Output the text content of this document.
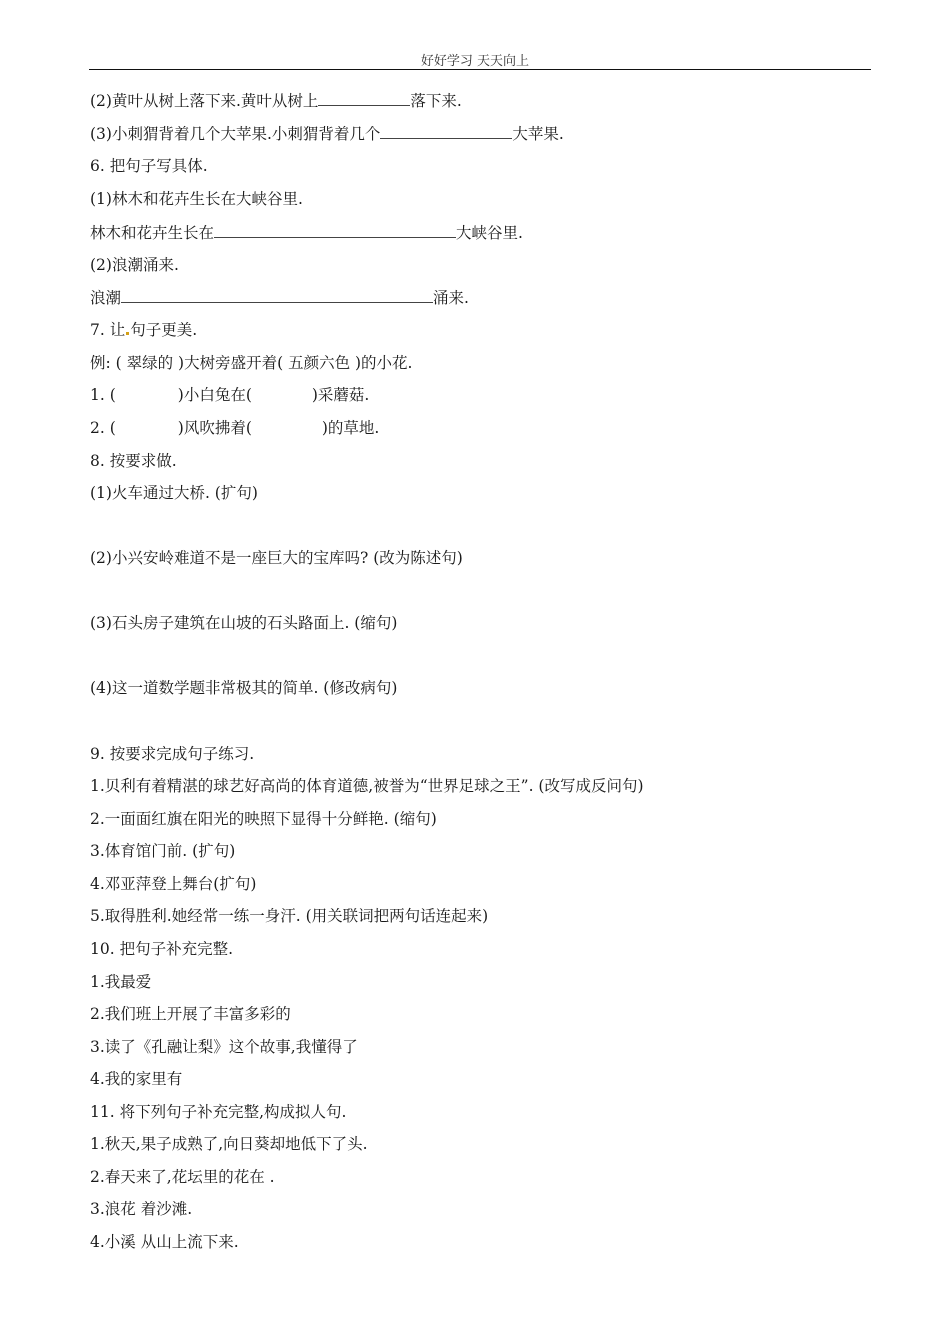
好好学习 天天向上
(2)黄叶从树上落下来.黄叶从树上	落下来.
(3)小刺猬背着几个大苹果.小刺猬背着几个	大苹果.
6. 把句子写具体.
(1)林木和花卉生长在大峡谷里.
林木和花卉生长在	大峡谷里.
(2)浪潮涌来.
浪潮	涌来.
7. 让 句子更美.
例: ( 翠绿的 )大树旁盛开着( 五颜六色 )的小花.
1. (	)小白兔在(	)采蘑菇.
2. (	)风吹拂着(	)的草地.
8. 按要求做.
(1)火车通过大桥. (扩句)
(2)小兴安岭难道不是一座巨大的宝库吗? (改为陈述句)
(3)石头房子建筑在山坡的石头路面上. (缩句)
(4)这一道数学题非常极其的简单. (修改病句)
9. 按要求完成句子练习.
1.贝利有着精湛的球艺好高尚的体育道德,被誉为“世界足球之王”. (改写成反问句)
2.一面面红旗在阳光的映照下显得十分鲜艳. (缩句)
3.体育馆门前. (扩句)
4.邓亚萍登上舞台(扩句)
5.取得胜利.她经常一练一身汗. (用关联词把两句话连起来)
10. 把句子补充完整.
1.我最爱
2.我们班上开展了丰富多彩的
3.读了《孔融让梨》这个故事,我懂得了
4.我的家里有
11. 将下列句子补充完整,构成拟人句.
1.秋天,果子成熟了,向日葵却地低下了头.
2.春天来了,花坛里的花在 .
3.浪花 着沙滩.
4.小溪 从山上流下来.
